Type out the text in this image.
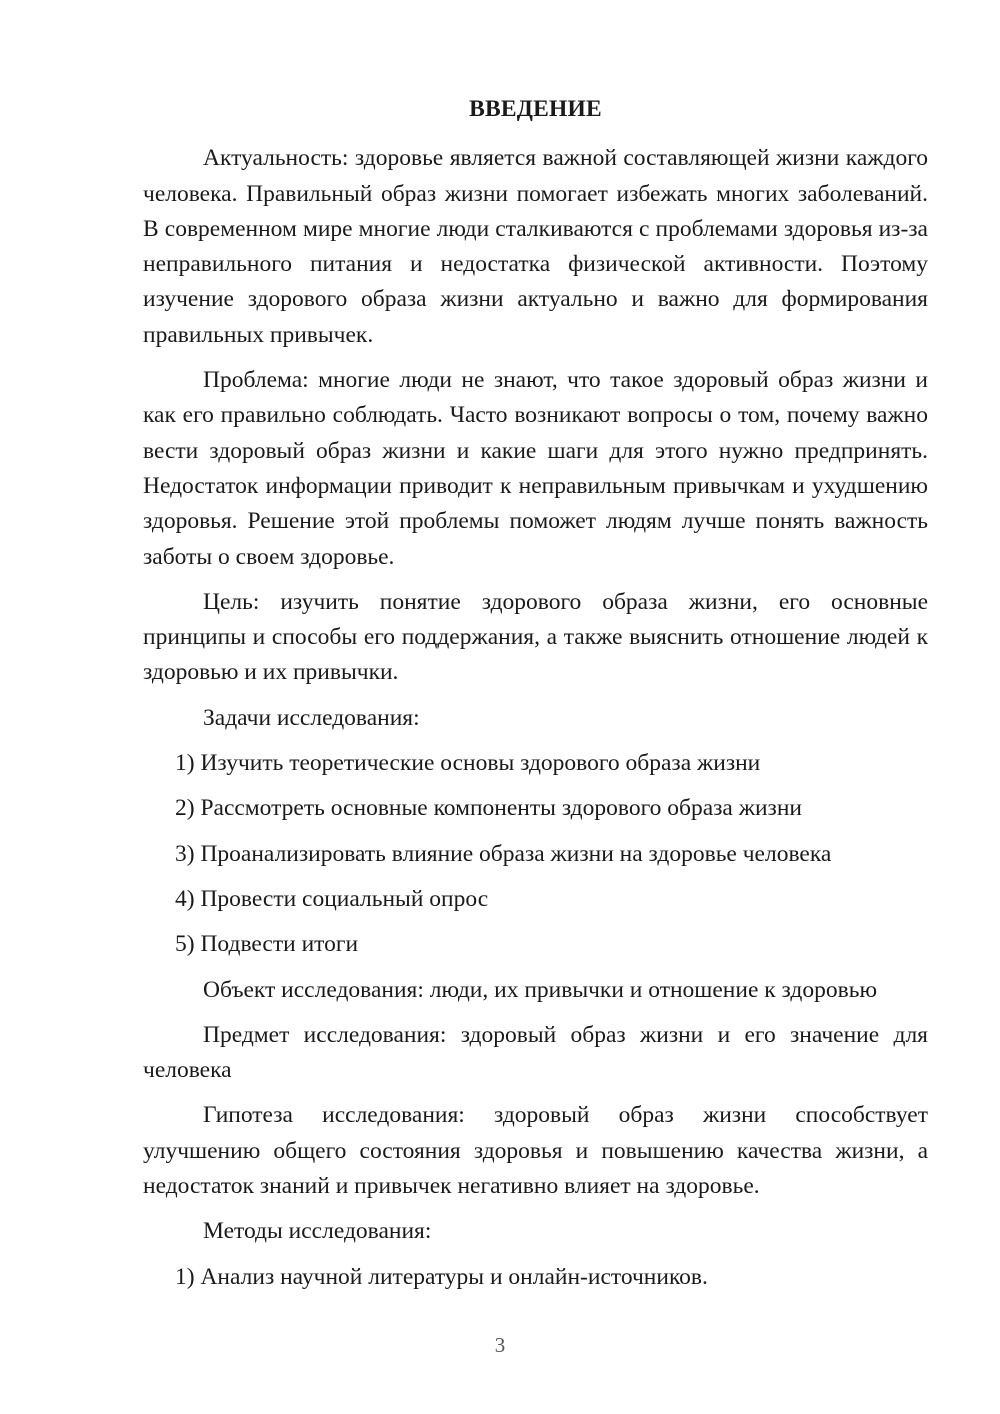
ВВЕДЕНИЕ

Актуальность: здоровье является важной составляющей жизни каждого человека. Правильный образ жизни помогает избежать многих заболеваний. В современном мире многие люди сталкиваются с проблемами здоровья из-за неправильного питания и недостатка физической активности. Поэтому изучение здорового образа жизни актуально и важно для формирования правильных привычек.

Проблема: многие люди не знают, что такое здоровый образ жизни и как его правильно соблюдать. Часто возникают вопросы о том, почему важно вести здоровый образ жизни и какие шаги для этого нужно предпринять. Недостаток информации приводит к неправильным привычкам и ухудшению здоровья. Решение этой проблемы поможет людям лучше понять важность заботы о своем здоровье.

Цель: изучить понятие здорового образа жизни, его основные принципы и способы его поддержания, а также выяснить отношение людей к здоровью и их привычки.

Задачи исследования:

1) Изучить теоретические основы здорового образа жизни

2) Рассмотреть основные компоненты здорового образа жизни

3) Проанализировать влияние образа жизни на здоровье человека

4) Провести социальный опрос

5) Подвести итоги

Объект исследования: люди, их привычки и отношение к здоровью

Предмет исследования: здоровый образ жизни и его значение для человека

Гипотеза исследования: здоровый образ жизни способствует улучшению общего состояния здоровья и повышению качества жизни, а недостаток знаний и привычек негативно влияет на здоровье.

Методы исследования:

1) Анализ научной литературы и онлайн-источников.

3
